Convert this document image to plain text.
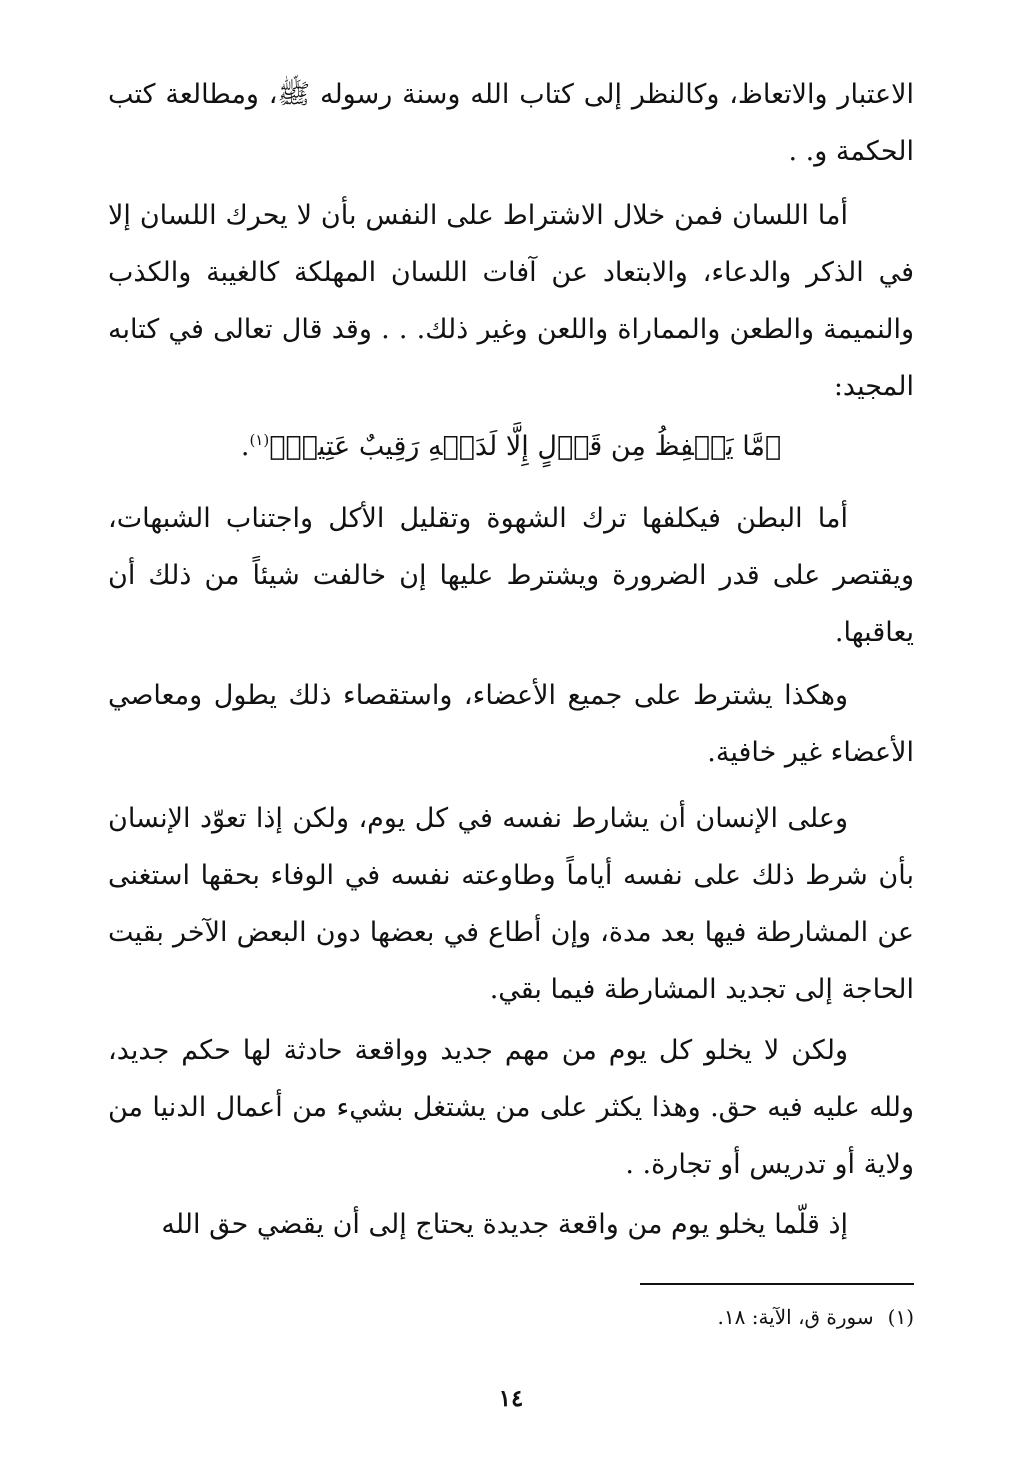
الاعتبار والاتعاظ، وكالنظر إلى كتاب الله وسنة رسوله ﷺ، ومطالعة كتب الحكمة و. .

أما اللسان فمن خلال الاشتراط على النفس بأن لا يحرك اللسان إلا في الذكر والدعاء، والابتعاد عن آفات اللسان المهلكة كالغيبة والكذب والنميمة والطعن والمماراة واللعن وغير ذلك. . . وقد قال تعالى في كتابه المجيد:

﴿مَّا يَلۡفِظُ مِن قَوۡلٍ إِلَّا لَدَيۡهِ رَقِيبٌ عَتِيدٞ﴾$^{(١)}$.

أما البطن فيكلفها ترك الشهوة وتقليل الأكل واجتناب الشبهات، ويقتصر على قدر الضرورة ويشترط عليها إن خالفت شيئاً من ذلك أن يعاقبها.

وهكذا يشترط على جميع الأعضاء، واستقصاء ذلك يطول ومعاصي الأعضاء غير خافية.

وعلى الإنسان أن يشارط نفسه في كل يوم، ولكن إذا تعوّد الإنسان بأن شرط ذلك على نفسه أياماً وطاوعته نفسه في الوفاء بحقها استغنى عن المشارطة فيها بعد مدة، وإن أطاع في بعضها دون البعض الآخر بقيت الحاجة إلى تجديد المشارطة فيما بقي.

ولكن لا يخلو كل يوم من مهم جديد وواقعة حادثة لها حكم جديد، ولله عليه فيه حق. وهذا يكثر على من يشتغل بشيء من أعمال الدنيا من ولاية أو تدريس أو تجارة. .

إذ قلّما يخلو يوم من واقعة جديدة يحتاج إلى أن يقضي حق الله

(١)سورة ق، الآية: ١٨.
١٤
